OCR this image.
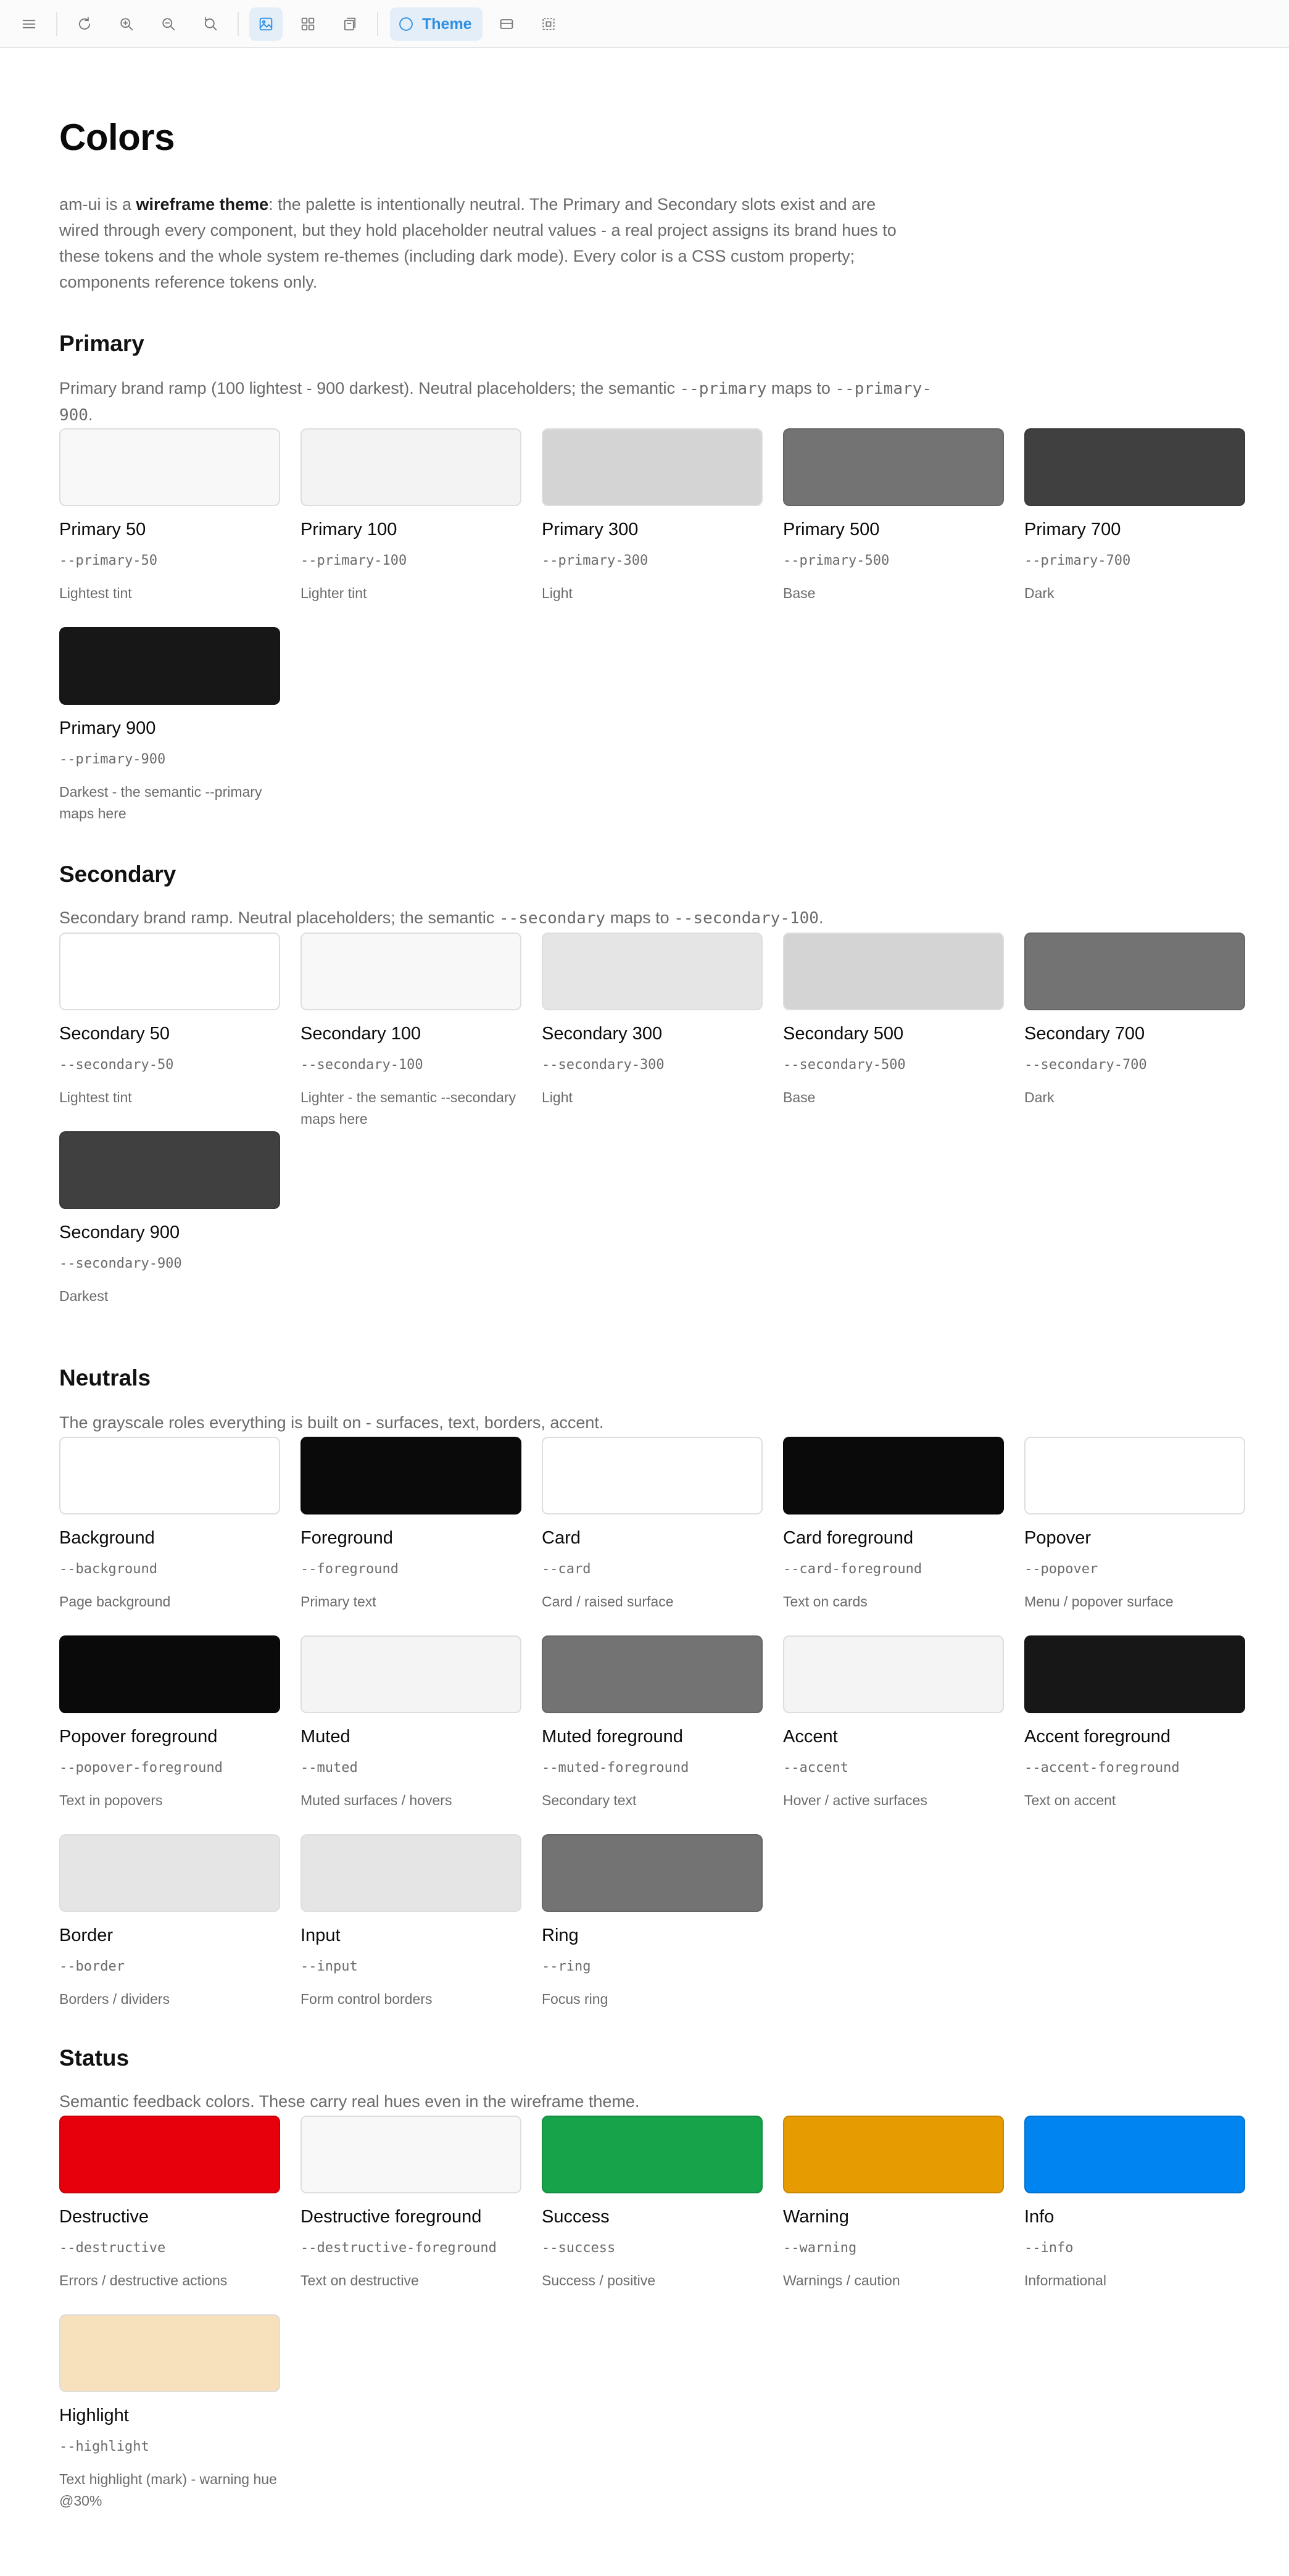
Theme
Colors

am-ui is a wireframe theme: the palette is intentionally neutral. The Primary and Secondary slots exist and are wired through every component, but they hold placeholder neutral values - a real project assigns its brand hues to these tokens and the whole system re-themes (including dark mode). Every color is a CSS custom property; components reference tokens only.

Primary

Primary brand ramp (100 lightest - 900 darkest). Neutral placeholders; the semantic --primary maps to --primary-900.

Primary 50
--primary-50
Lightest tint
Primary 100
--primary-100
Lighter tint
Primary 300
--primary-300
Light
Primary 500
--primary-500
Base
Primary 700
--primary-700
Dark
Primary 900
--primary-900
Darkest - the semantic --primary maps here
Secondary

Secondary brand ramp. Neutral placeholders; the semantic --secondary maps to --secondary-100.

Secondary 50
--secondary-50
Lightest tint
Secondary 100
--secondary-100
Lighter - the semantic --secondary maps here
Secondary 300
--secondary-300
Light
Secondary 500
--secondary-500
Base
Secondary 700
--secondary-700
Dark
Secondary 900
--secondary-900
Darkest
Neutrals

The grayscale roles everything is built on - surfaces, text, borders, accent.

Background
--background
Page background
Foreground
--foreground
Primary text
Card
--card
Card / raised surface
Card foreground
--card-foreground
Text on cards
Popover
--popover
Menu / popover surface
Popover foreground
--popover-foreground
Text in popovers
Muted
--muted
Muted surfaces / hovers
Muted foreground
--muted-foreground
Secondary text
Accent
--accent
Hover / active surfaces
Accent foreground
--accent-foreground
Text on accent
Border
--border
Borders / dividers
Input
--input
Form control borders
Ring
--ring
Focus ring
Status

Semantic feedback colors. These carry real hues even in the wireframe theme.

Destructive
--destructive
Errors / destructive actions
Destructive foreground
--destructive-foreground
Text on destructive
Success
--success
Success / positive
Warning
--warning
Warnings / caution
Info
--info
Informational
Highlight
--highlight
Text highlight (mark) - warning hue @30%
